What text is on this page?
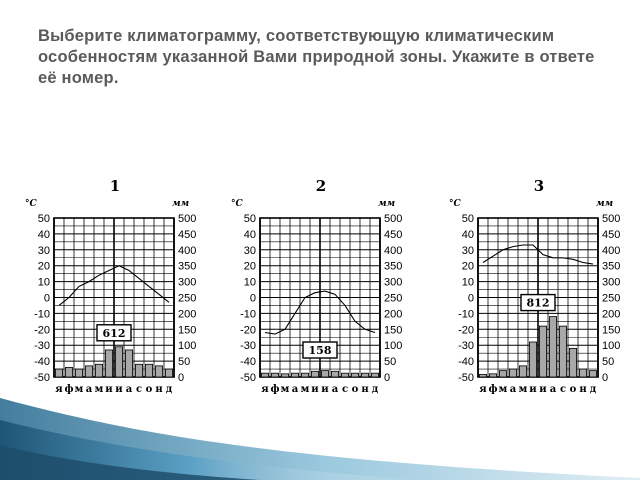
Выберите климатограмму, соответствующую климатическим особенностям указанной Вами природной зоны. Укажите в ответе её номер.
1
°С	мм
50
40
30
20
10
0
-10
-20
-30
-40
-50
500
450
400
350
300
250
200
150
100
50
0
612
я ф м а м и и а с о н д
2
°С	мм
50
40
30
20
10
0
-10
-20
-30
-40
-50
500
450
400
350
300
250
200
150
100
50
0
158
я ф м а м и и а с о н д
3
°С	мм
50
40
30
20
10
0
-10
-20
-30
-40
-50
500
450
400
350
300
250
200
150
100
50
0
812
я ф м а м и и а с о н д
